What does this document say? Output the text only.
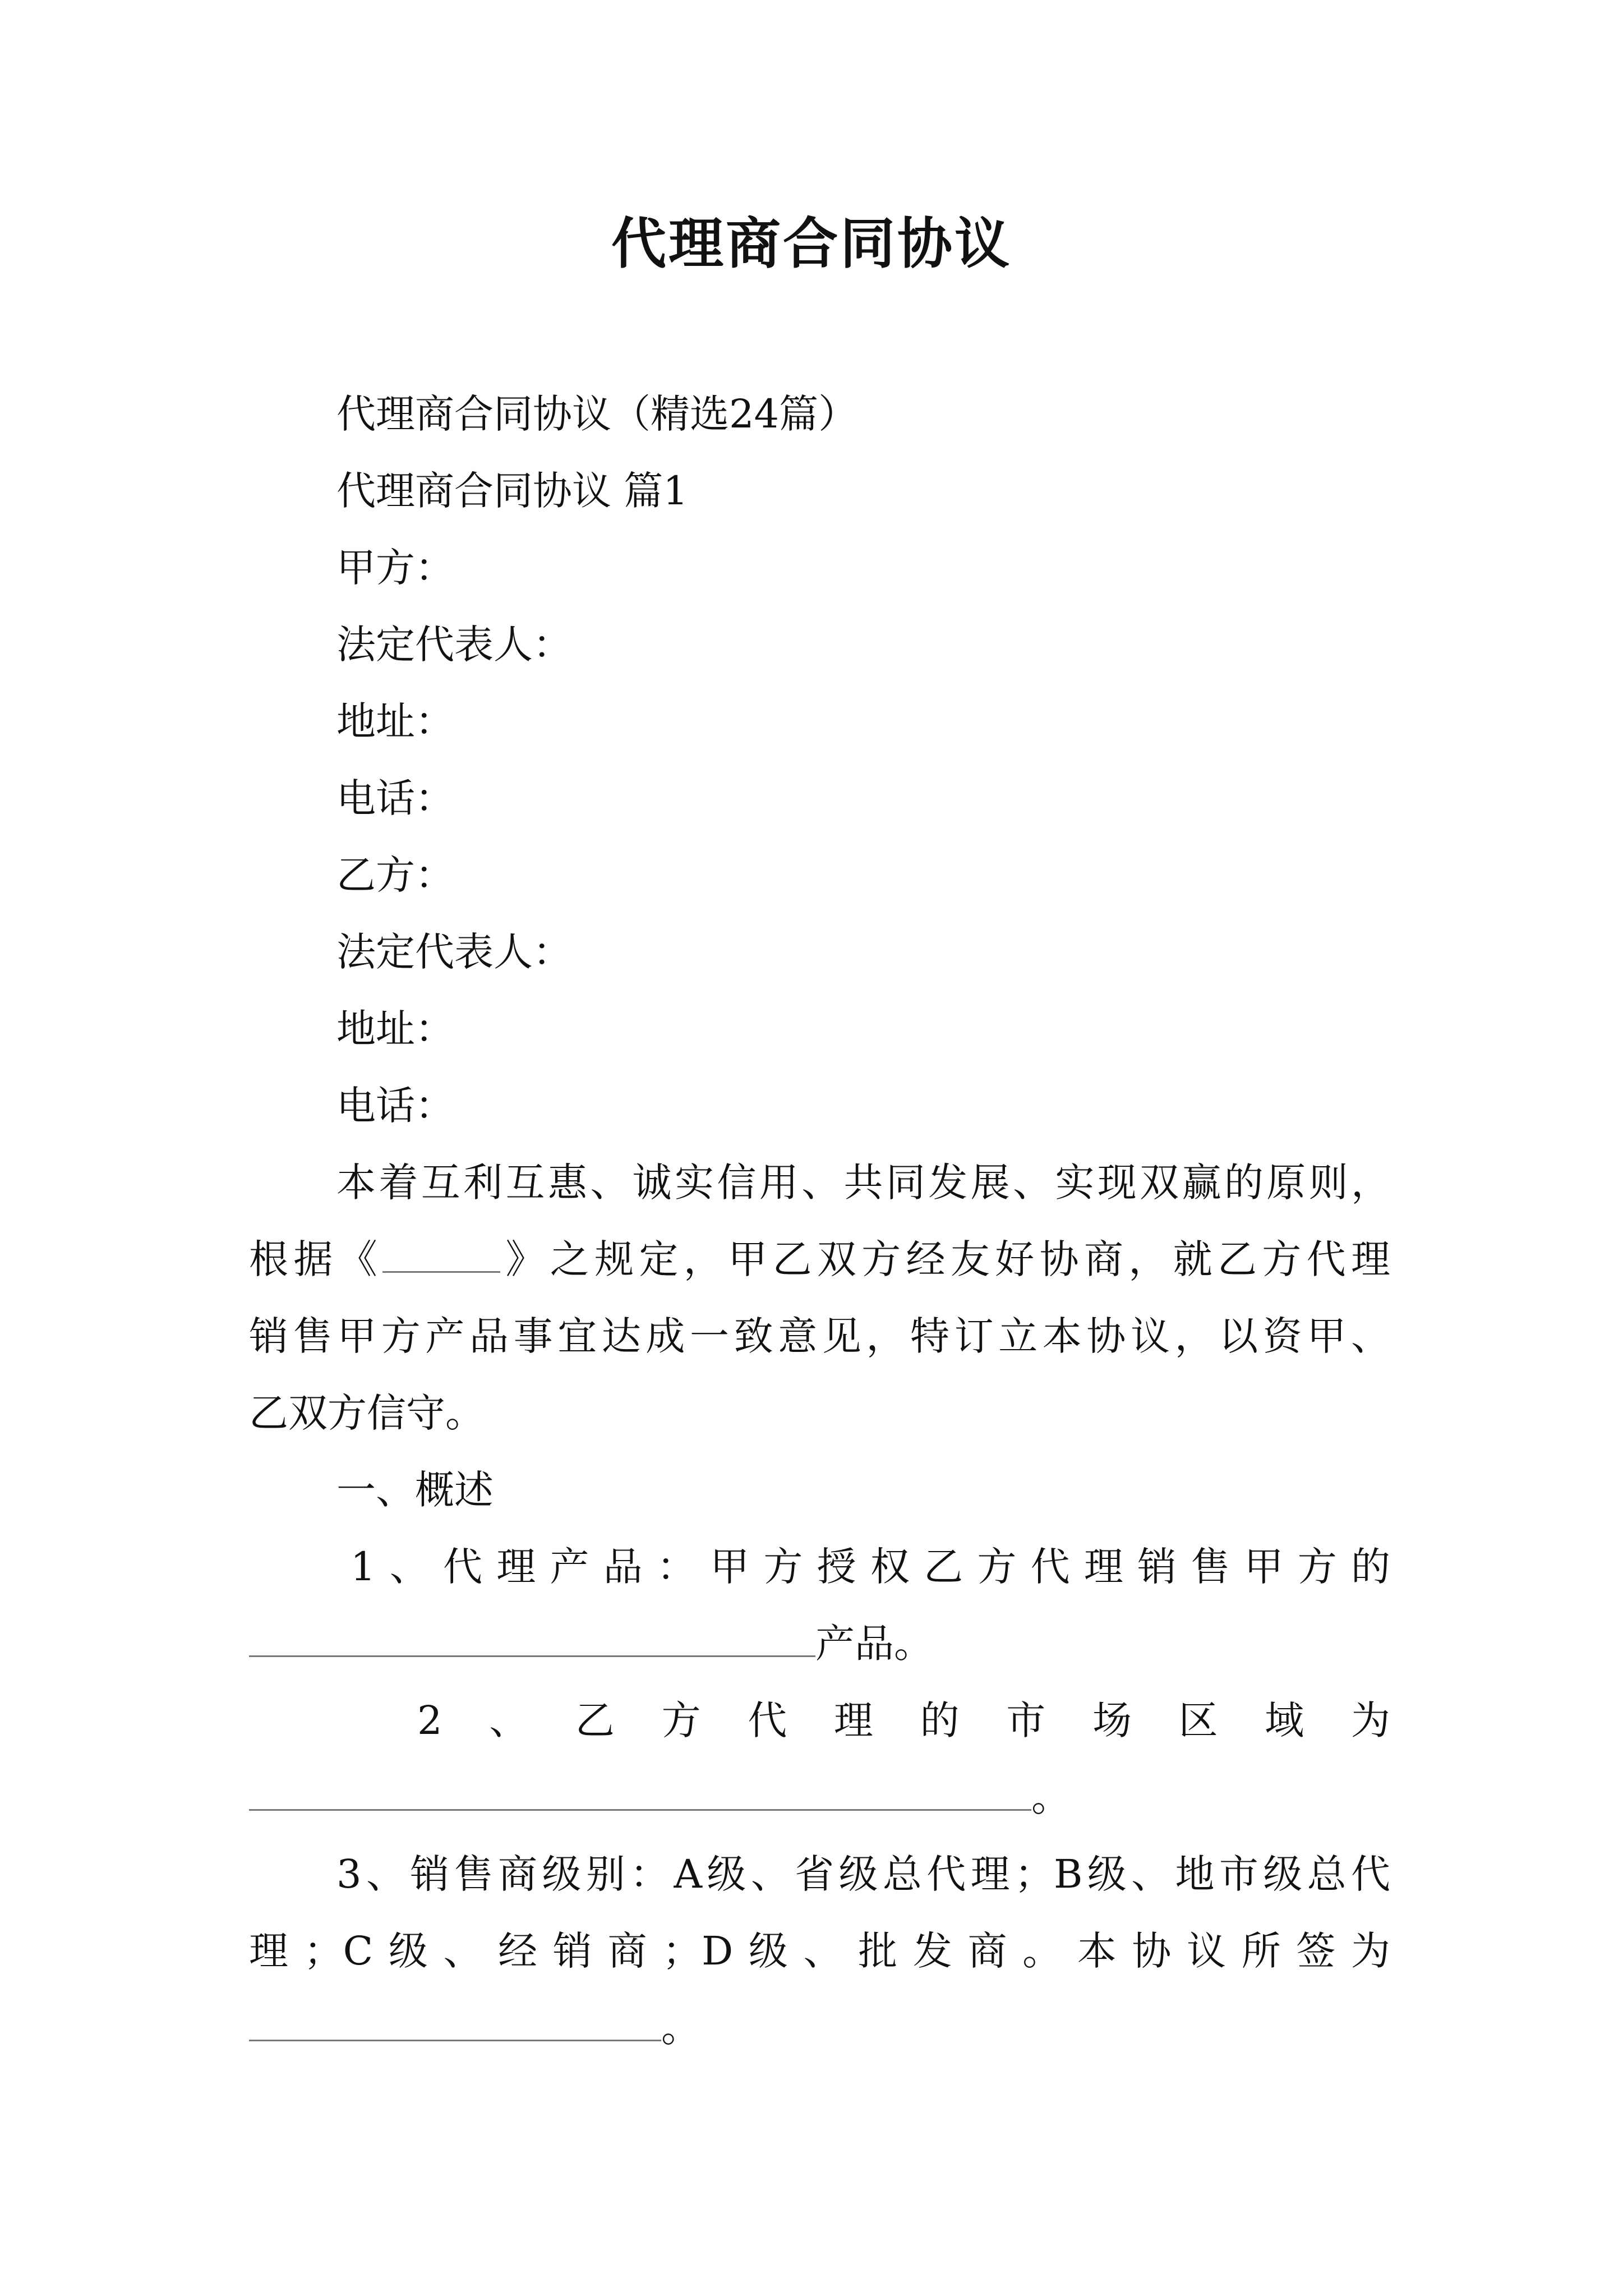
代理商合同协议
代理商合同协议（精选24篇）
代理商合同协议 篇1
甲方：
法定代表人：
地址：
电话：
乙方：
法定代表人：
地址：
电话：
本着互利互惠、诚实信用、共同发展、实现双赢的原则，
根据《	》之规定，甲乙双方经友好协商，就乙方代理
销售甲方产品事宜达成一致意见，特订立本协议，以资甲、
乙双方信守。
一、概述
1、代理产品：甲方授权乙方代理销售甲方的
产品。
2、乙方代理的市场区域为
。
3、销售商级别：A级、省级总代理；B级、地市级总代
理；C级、经销商；D级、批发商。本协议所签为
。
